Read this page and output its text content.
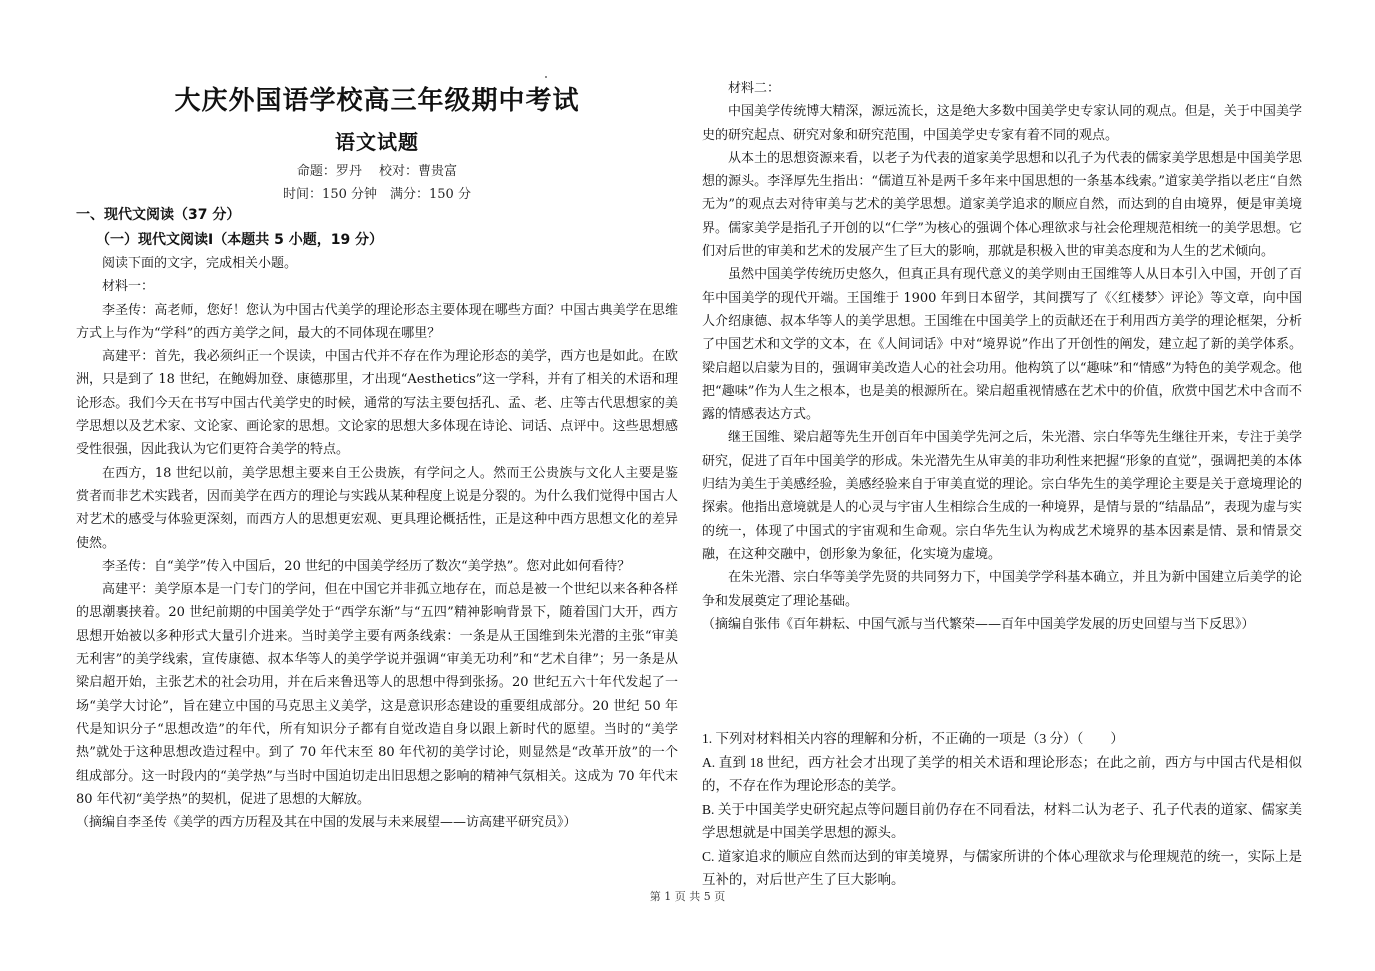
大庆外国语学校高三年级期中考试
语文试题
命题：罗丹　 校对：曹贵富
时间：150 分钟　满分：150 分
一、现代文阅读（37 分）
（一）现代文阅读Ⅰ（本题共 5 小题，19 分）

阅读下面的文字，完成相关小题。

材料一：

李圣传：高老师，您好！您认为中国古代美学的理论形态主要体现在哪些方面？中国古典美学在思维方式上与作为“学科”的西方美学之间，最大的不同体现在哪里？

高建平：首先，我必须纠正一个误读，中国古代并不存在作为理论形态的美学，西方也是如此。在欧洲，只是到了 18 世纪，在鲍姆加登、康德那里，才出现“Aesthetics”这一学科，并有了相关的术语和理论形态。我们今天在书写中国古代美学史的时候，通常的写法主要包括孔、孟、老、庄等古代思想家的美学思想以及艺术家、文论家、画论家的思想。文论家的思想大多体现在诗论、词话、点评中。这些思想感受性很强，因此我认为它们更符合美学的特点。

在西方，18 世纪以前，美学思想主要来自王公贵族，有学问之人。然而王公贵族与文化人主要是鉴赏者而非艺术实践者，因而美学在西方的理论与实践从某种程度上说是分裂的。为什么我们觉得中国古人对艺术的感受与体验更深刻，而西方人的思想更宏观、更具理论概括性，正是这种中西方思想文化的差异使然。

李圣传：自“美学”传入中国后，20 世纪的中国美学经历了数次“美学热”。您对此如何看待？

高建平：美学原本是一门专门的学问，但在中国它并非孤立地存在，而总是被一个世纪以来各种各样的思潮裹挟着。20 世纪前期的中国美学处于“西学东渐”与“五四”精神影响背景下，随着国门大开，西方思想开始被以多种形式大量引介进来。当时美学主要有两条线索：一条是从王国维到朱光潜的主张“审美无利害”的美学线索，宣传康德、叔本华等人的美学学说并强调“审美无功利”和“艺术自律”；另一条是从梁启超开始，主张艺术的社会功用，并在后来鲁迅等人的思想中得到张扬。20 世纪五六十年代发起了一场“美学大讨论”，旨在建立中国的马克思主义美学，这是意识形态建设的重要组成部分。20 世纪 50 年代是知识分子“思想改造”的年代，所有知识分子都有自觉改造自身以跟上新时代的愿望。当时的“美学热”就处于这种思想改造过程中。到了 70 年代末至 80 年代初的美学讨论，则显然是“改革开放”的一个组成部分。这一时段内的“美学热”与当时中国迫切走出旧思想之影响的精神气氛相关。这成为 70 年代末 80 年代初“美学热”的契机，促进了思想的大解放。

（摘编自李圣传《美学的西方历程及其在中国的发展与未来展望——访高建平研究员》）

材料二：

中国美学传统博大精深，源远流长，这是绝大多数中国美学史专家认同的观点。但是，关于中国美学史的研究起点、研究对象和研究范围，中国美学史专家有着不同的观点。

从本土的思想资源来看，以老子为代表的道家美学思想和以孔子为代表的儒家美学思想是中国美学思想的源头。李泽厚先生指出：“儒道互补是两千多年来中国思想的一条基本线索。”道家美学指以老庄“自然无为”的观点去对待审美与艺术的美学思想。道家美学追求的顺应自然，而达到的自由境界，便是审美境界。儒家美学是指孔子开创的以“仁学”为核心的强调个体心理欲求与社会伦理规范相统一的美学思想。它们对后世的审美和艺术的发展产生了巨大的影响，那就是积极入世的审美态度和为人生的艺术倾向。

虽然中国美学传统历史悠久，但真正具有现代意义的美学则由王国维等人从日本引入中国，开创了百年中国美学的现代开端。王国维于 1900 年到日本留学，其间撰写了《〈红楼梦〉评论》等文章，向中国人介绍康德、叔本华等人的美学思想。王国维在中国美学上的贡献还在于利用西方美学的理论框架，分析了中国艺术和文学的文本，在《人间词话》中对“境界说”作出了开创性的阐发，建立起了新的美学体系。梁启超以启蒙为目的，强调审美改造人心的社会功用。他构筑了以“趣味”和“情感”为特色的美学观念。他把“趣味”作为人生之根本，也是美的根源所在。梁启超重视情感在艺术中的价值，欣赏中国艺术中含而不露的情感表达方式。

继王国维、梁启超等先生开创百年中国美学先河之后，朱光潜、宗白华等先生继往开来，专注于美学研究，促进了百年中国美学的形成。朱光潜先生从审美的非功利性来把握“形象的直觉”，强调把美的本体归结为美生于美感经验，美感经验来自于审美直觉的理论。宗白华先生的美学理论主要是关于意境理论的探索。他指出意境就是人的心灵与宇宙人生相综合生成的一种境界，是情与景的“结晶品”，表现为虚与实的统一，体现了中国式的宇宙观和生命观。宗白华先生认为构成艺术境界的基本因素是情、景和情景交融，在这种交融中，创形象为象征，化实境为虚境。

在朱光潜、宗白华等美学先贤的共同努力下，中国美学学科基本确立，并且为新中国建立后美学的论争和发展奠定了理论基础。

（摘编自张伟《百年耕耘、中国气派与当代繁荣——百年中国美学发展的历史回望与当下反思》）

1. 下列对材料相关内容的理解和分析，不正确的一项是（3 分）（　　）

A. 直到 18 世纪，西方社会才出现了美学的相关术语和理论形态；在此之前，西方与中国古代是相似的，不存在作为理论形态的美学。

B. 关于中国美学史研究起点等问题目前仍存在不同看法，材料二认为老子、孔子代表的道家、儒家美学思想就是中国美学思想的源头。

C. 道家追求的顺应自然而达到的审美境界，与儒家所讲的个体心理欲求与伦理规范的统一，实际上是互补的，对后世产生了巨大影响。

第 1 页 共 5 页
